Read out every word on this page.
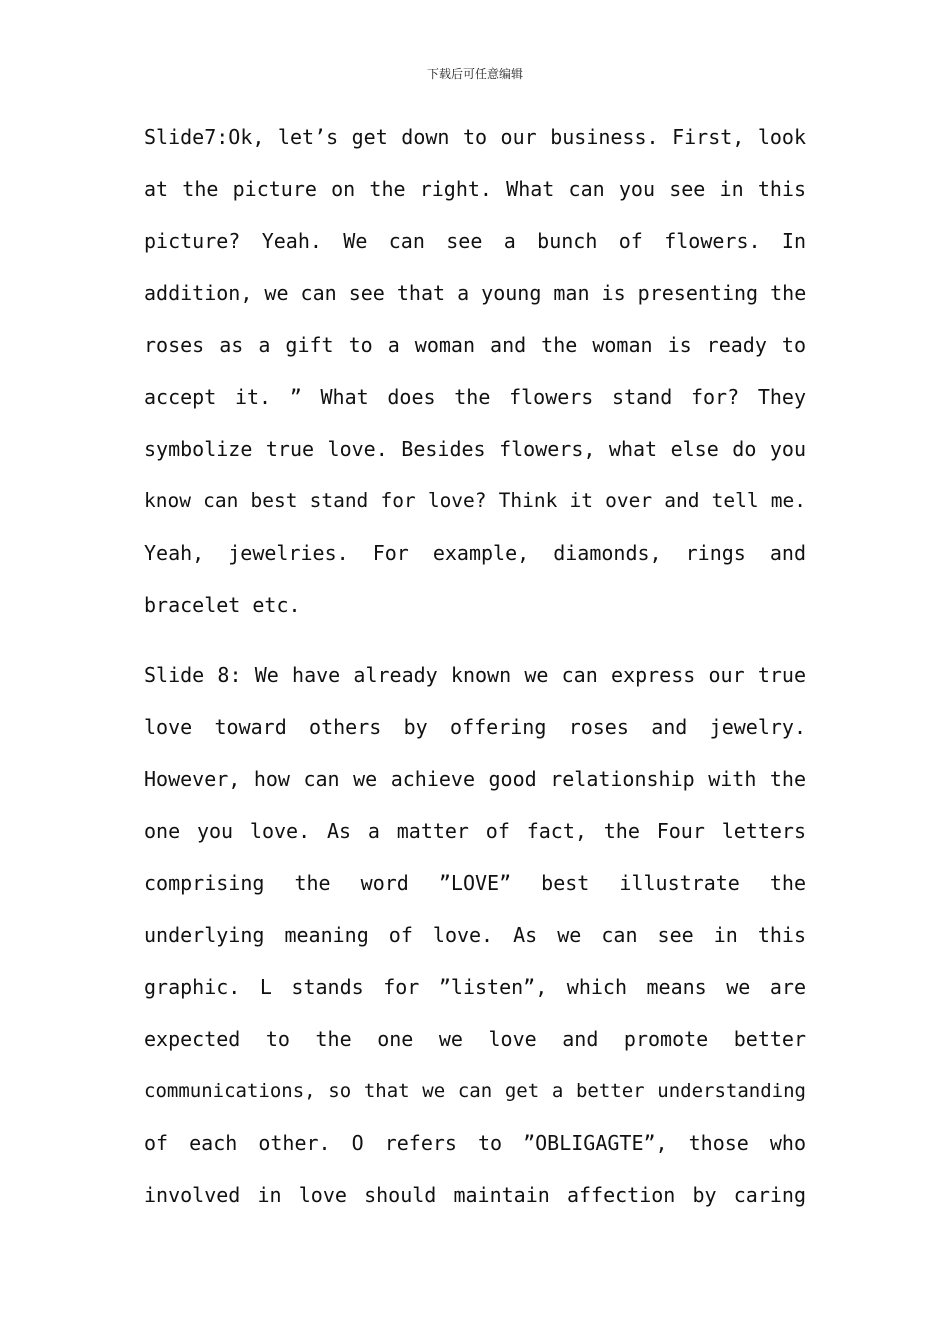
下载后可任意编辑
Slide7:Ok, let’s get down to our business. First, look
at the picture on the right. What can you see in this
picture? Yeah. We can see a bunch of flowers. In
addition, we can see that a young man is presenting the
roses as a gift to a woman and the woman is ready to
accept it. ” What does the flowers stand for? They
symbolize true love. Besides flowers, what else do you
know can best stand for love? Think it over and tell me.
Yeah, jewelries. For example, diamonds, rings and
bracelet etc.
Slide 8: We have already known we can express our true
love toward others by offering roses and jewelry.
However, how can we achieve good relationship with the
one you love. As a matter of fact, the Four letters
comprising the word ”LOVE” best illustrate the
underlying meaning of love. As we can see in this
graphic. L stands for ”listen”, which means we are
expected to the one we love and promote better
communications, so that we can get a better understanding
of each other. O refers to ”OBLIGAGTE”, those who
involved in love should maintain affection by caring
